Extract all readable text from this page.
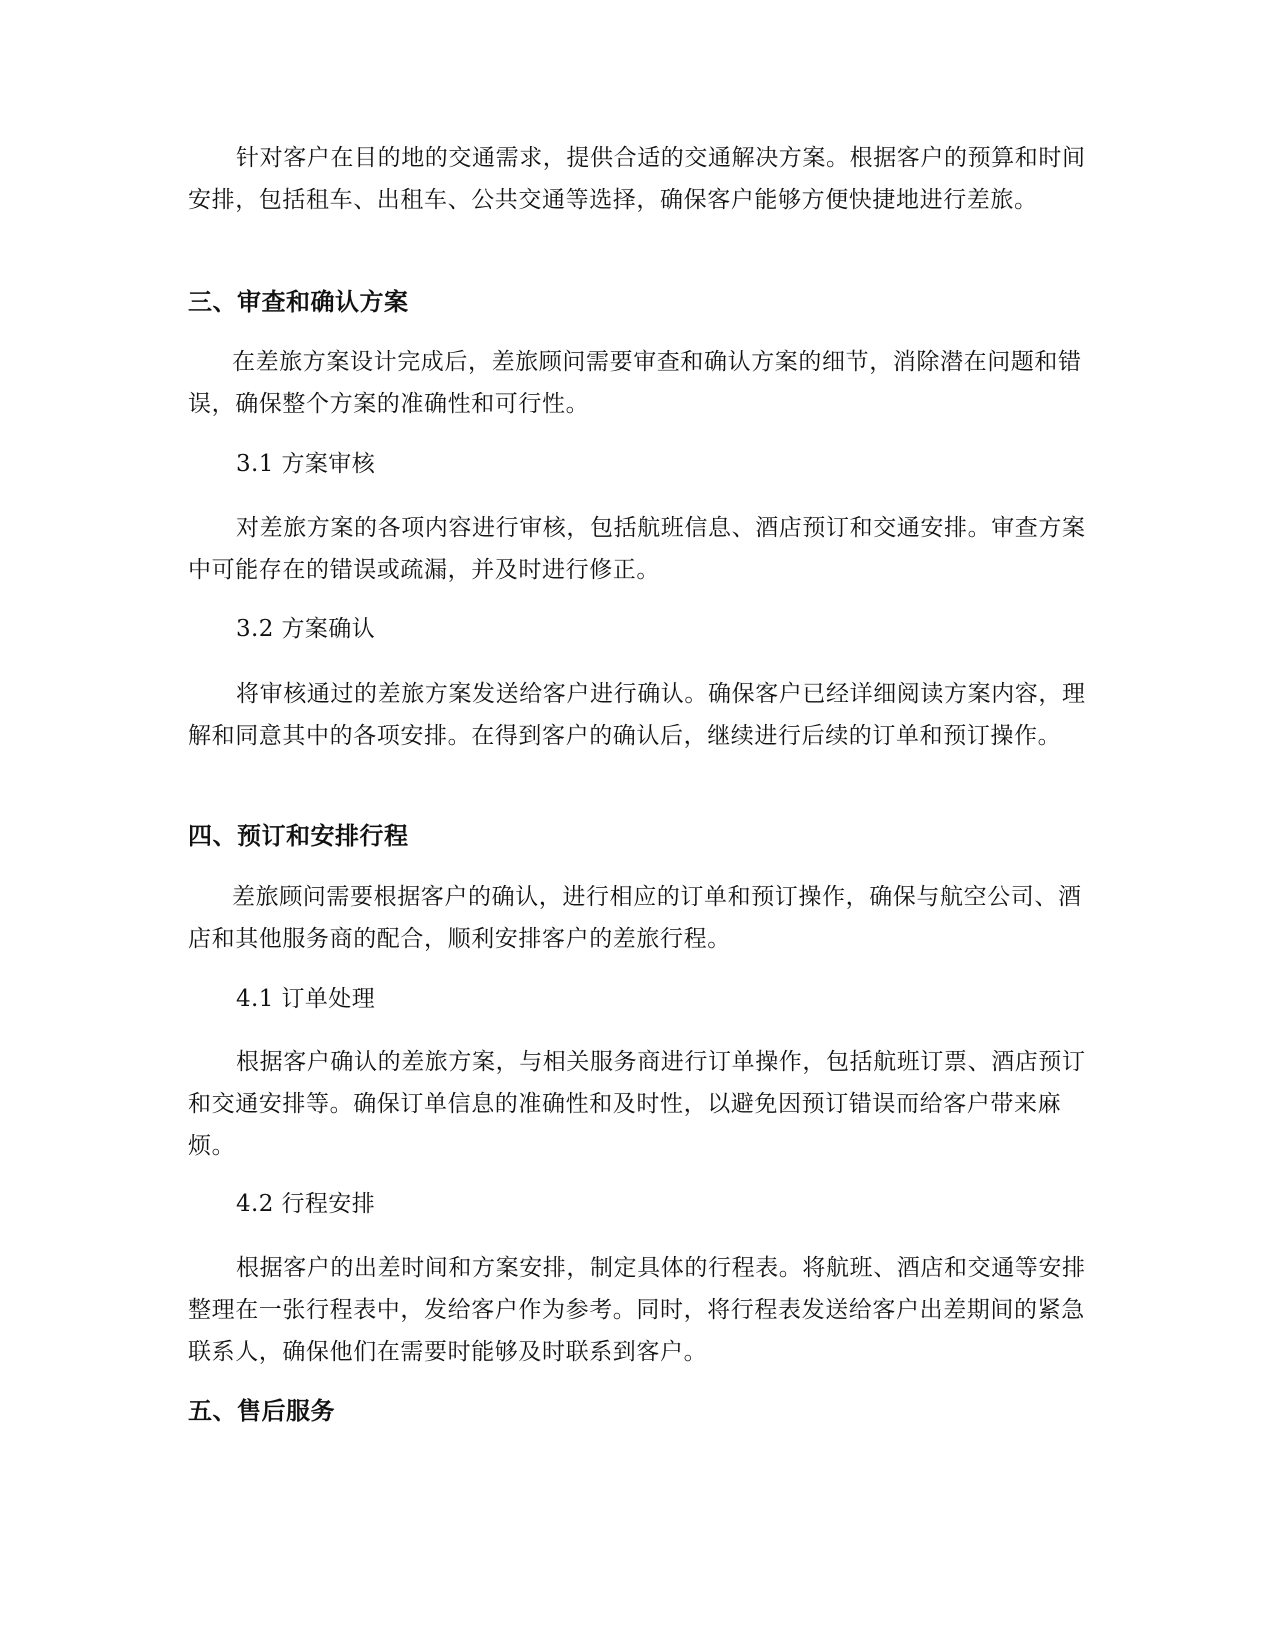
针对客户在目的地的交通需求，提供合适的交通解决方案。根据客户的预算和时间安排，包括租车、出租车、公共交通等选择，确保客户能够方便快捷地进行差旅。

三、审查和确认方案

在差旅方案设计完成后，差旅顾问需要审查和确认方案的细节，消除潜在问题和错误，确保整个方案的准确性和可行性。

3.1 方案审核

对差旅方案的各项内容进行审核，包括航班信息、酒店预订和交通安排。审查方案中可能存在的错误或疏漏，并及时进行修正。

3.2 方案确认

将审核通过的差旅方案发送给客户进行确认。确保客户已经详细阅读方案内容，理解和同意其中的各项安排。在得到客户的确认后，继续进行后续的订单和预订操作。

四、预订和安排行程

差旅顾问需要根据客户的确认，进行相应的订单和预订操作，确保与航空公司、酒店和其他服务商的配合，顺利安排客户的差旅行程。

4.1 订单处理

根据客户确认的差旅方案，与相关服务商进行订单操作，包括航班订票、酒店预订和交通安排等。确保订单信息的准确性和及时性，以避免因预订错误而给客户带来麻烦。

4.2 行程安排

根据客户的出差时间和方案安排，制定具体的行程表。将航班、酒店和交通等安排整理在一张行程表中，发给客户作为参考。同时，将行程表发送给客户出差期间的紧急联系人，确保他们在需要时能够及时联系到客户。

五、售后服务
